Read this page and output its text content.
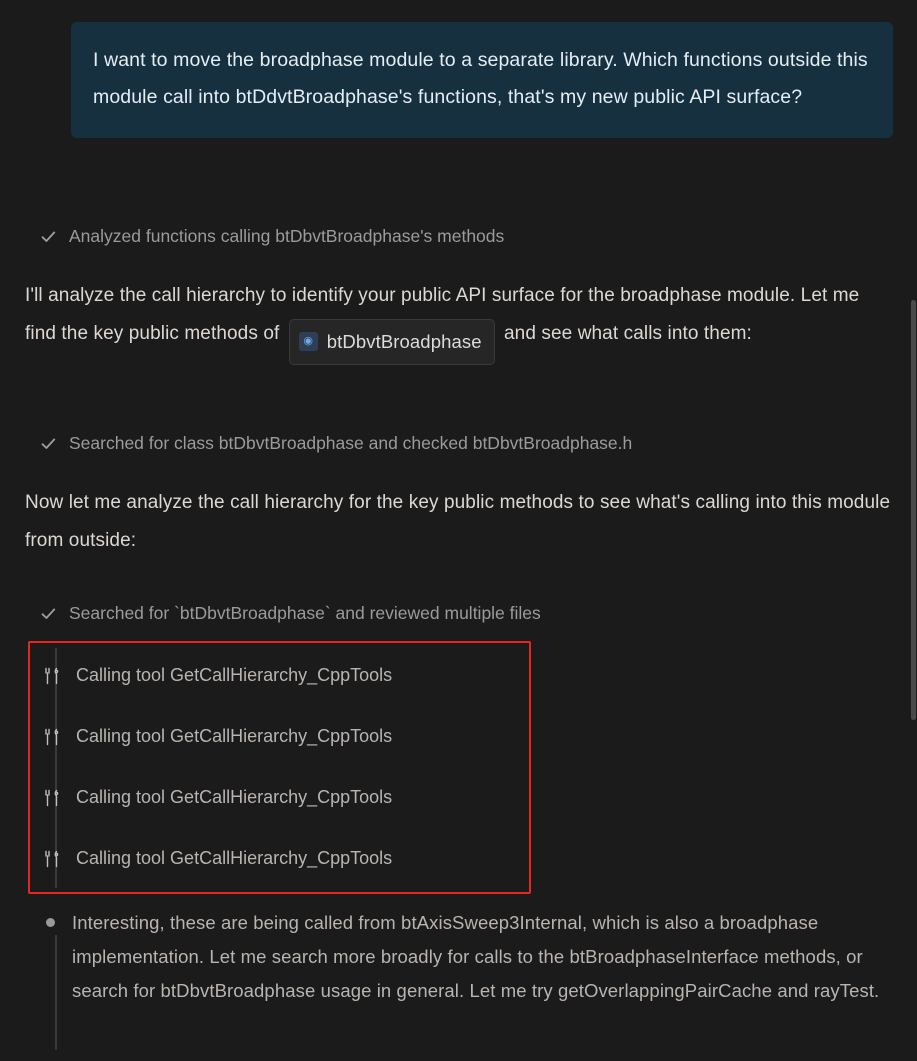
I want to move the broadphase module to a separate library. Which functions outside this module call into btDdvtBroadphase's functions, that's my new public API surface?
Analyzed functions calling btDbvtBroadphase's methods
I'll analyze the call hierarchy to identify your public API surface for the broadphase module. Let me find the key public methods of	◉ btDbvtBroadphase and see what calls into them:
Searched for class btDbvtBroadphase and checked btDbvtBroadphase.h
Now let me analyze the call hierarchy for the key public methods to see what's calling into this module from outside:
Searched for `btDbvtBroadphase` and reviewed multiple files
Calling tool GetCallHierarchy_CppTools
Calling tool GetCallHierarchy_CppTools
Calling tool GetCallHierarchy_CppTools
Calling tool GetCallHierarchy_CppTools
Interesting, these are being called from btAxisSweep3Internal, which is also a broadphase implementation. Let me search more broadly for calls to the btBroadphaseInterface methods, or search for btDbvtBroadphase usage in general. Let me try getOverlappingPairCache and rayTest.
